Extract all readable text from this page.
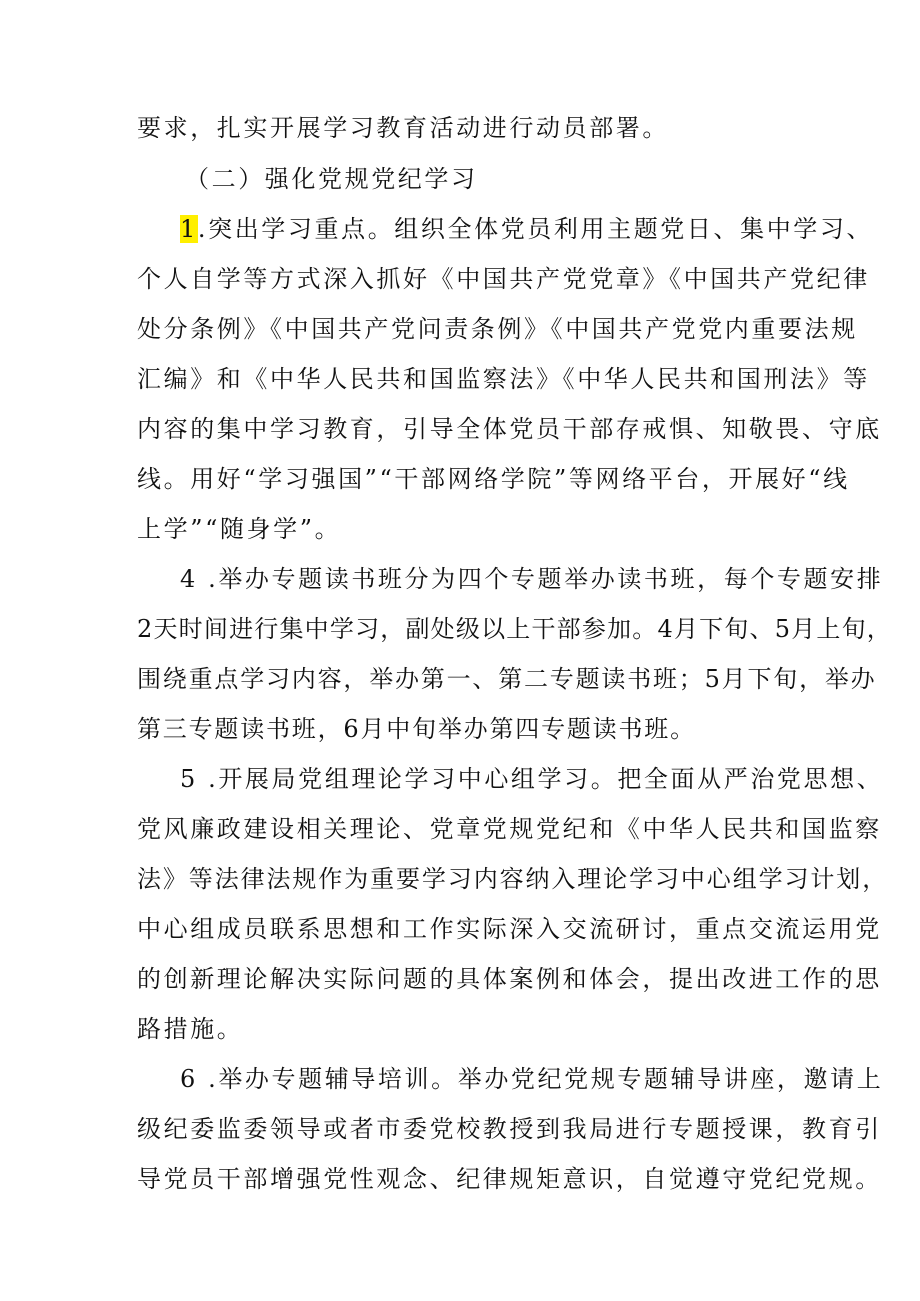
要求，扎实开展学习教育活动进行动员部署。
（二）强化党规党纪学习
1.突出学习重点。组织全体党员利用主题党日、集中学习、
个人自学等方式深入抓好《中国共产党党章》《中国共产党纪律
处分条例》《中国共产党问责条例》《中国共产党党内重要法规
汇编》和《中华人民共和国监察法》《中华人民共和国刑法》等
内容的集中学习教育，引导全体党员干部存戒惧、知敬畏、守底
线。用好“学习强国”“干部网络学院”等网络平台，开展好“线
上学”“随身学”。
4 .举办专题读书班分为四个专题举办读书班，每个专题安排
2天时间进行集中学习，副处级以上干部参加。4月下旬、5月上旬，
围绕重点学习内容，举办第一、第二专题读书班；5月下旬，举办
第三专题读书班，6月中旬举办第四专题读书班。
5 .开展局党组理论学习中心组学习。把全面从严治党思想、
党风廉政建设相关理论、党章党规党纪和《中华人民共和国监察
法》等法律法规作为重要学习内容纳入理论学习中心组学习计划，
中心组成员联系思想和工作实际深入交流研讨，重点交流运用党
的创新理论解决实际问题的具体案例和体会，提出改进工作的思
路措施。
6 .举办专题辅导培训。举办党纪党规专题辅导讲座，邀请上
级纪委监委领导或者市委党校教授到我局进行专题授课，教育引
导党员干部增强党性观念、纪律规矩意识，自觉遵守党纪党规。
